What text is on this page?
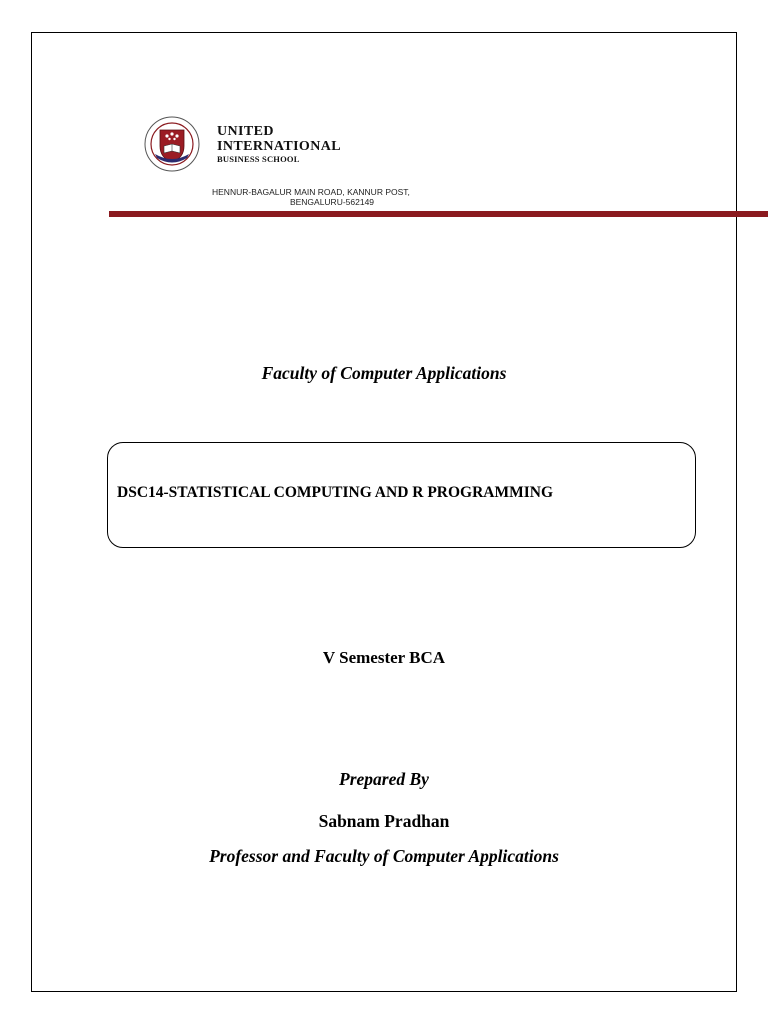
UNITED
INTERNATIONAL
BUSINESS SCHOOL
HENNUR-BAGALUR MAIN ROAD, KANNUR POST,
BENGALURU-562149
Faculty of Computer Applications
DSC14-STATISTICAL COMPUTING AND R PROGRAMMING
V Semester BCA
Prepared By
Sabnam Pradhan
Professor and Faculty of Computer Applications
